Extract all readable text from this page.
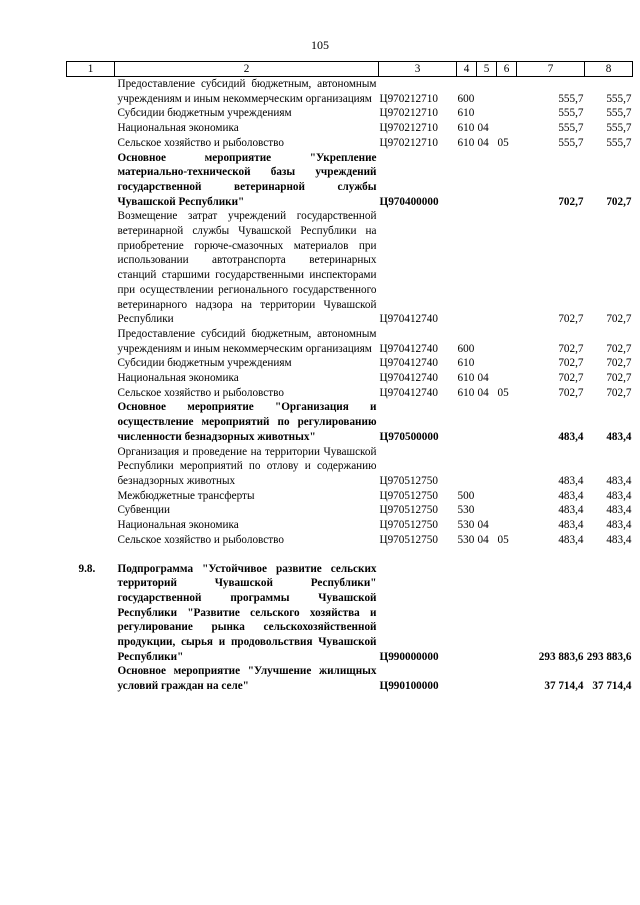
105
1	2	3	4	5	6	7	8
	Предоставление субсидий бюджетным, автономным учреждениям и иным некоммерческим организациям	Ц970212710	600			555,7	555,7
	Субсидии бюджетным учреждениям	Ц970212710	610			555,7	555,7
	Национальная экономика	Ц970212710	610	04		555,7	555,7
	Сельское хозяйство и рыболовство	Ц970212710	610	04	05	555,7	555,7
	Основное мероприятие "Укрепление материально-технической базы учреждений государственной ветеринарной службы Чувашской Республики"	Ц970400000				702,7	702,7
	Возмещение затрат учреждений государственной ветеринарной службы Чувашской Республики на приобретение горюче-смазочных материалов при использовании автотранспорта ветеринарных станций старшими государственными инспекторами при осуществлении регионального государственного ветеринарного надзора на территории Чувашской Республики	Ц970412740				702,7	702,7
	Предоставление субсидий бюджетным, автономным учреждениям и иным некоммерческим организациям	Ц970412740	600			702,7	702,7
	Субсидии бюджетным учреждениям	Ц970412740	610			702,7	702,7
	Национальная экономика	Ц970412740	610	04		702,7	702,7
	Сельское хозяйство и рыболовство	Ц970412740	610	04	05	702,7	702,7
	Основное мероприятие "Организация и осуществление мероприятий по регулированию численности безнадзорных животных"	Ц970500000				483,4	483,4
	Организация и проведение на территории Чувашской Республики мероприятий по отлову и содержанию безнадзорных животных	Ц970512750				483,4	483,4
	Межбюджетные трансферты	Ц970512750	500			483,4	483,4
	Субвенции	Ц970512750	530			483,4	483,4
	Национальная экономика	Ц970512750	530	04		483,4	483,4
	Сельское хозяйство и рыболовство	Ц970512750	530	04	05	483,4	483,4

9.8.	Подпрограмма "Устойчивое развитие сельских территорий Чувашской Республики" государственной программы Чувашской Республики "Развитие сельского хозяйства и регулирование рынка сельскохозяйственной продукции, сырья и продовольствия Чувашской Республики"	Ц990000000				293 883,6	293 883,6
	Основное мероприятие "Улучшение жилищных условий граждан на селе"	Ц990100000				37 714,4	37 714,4
